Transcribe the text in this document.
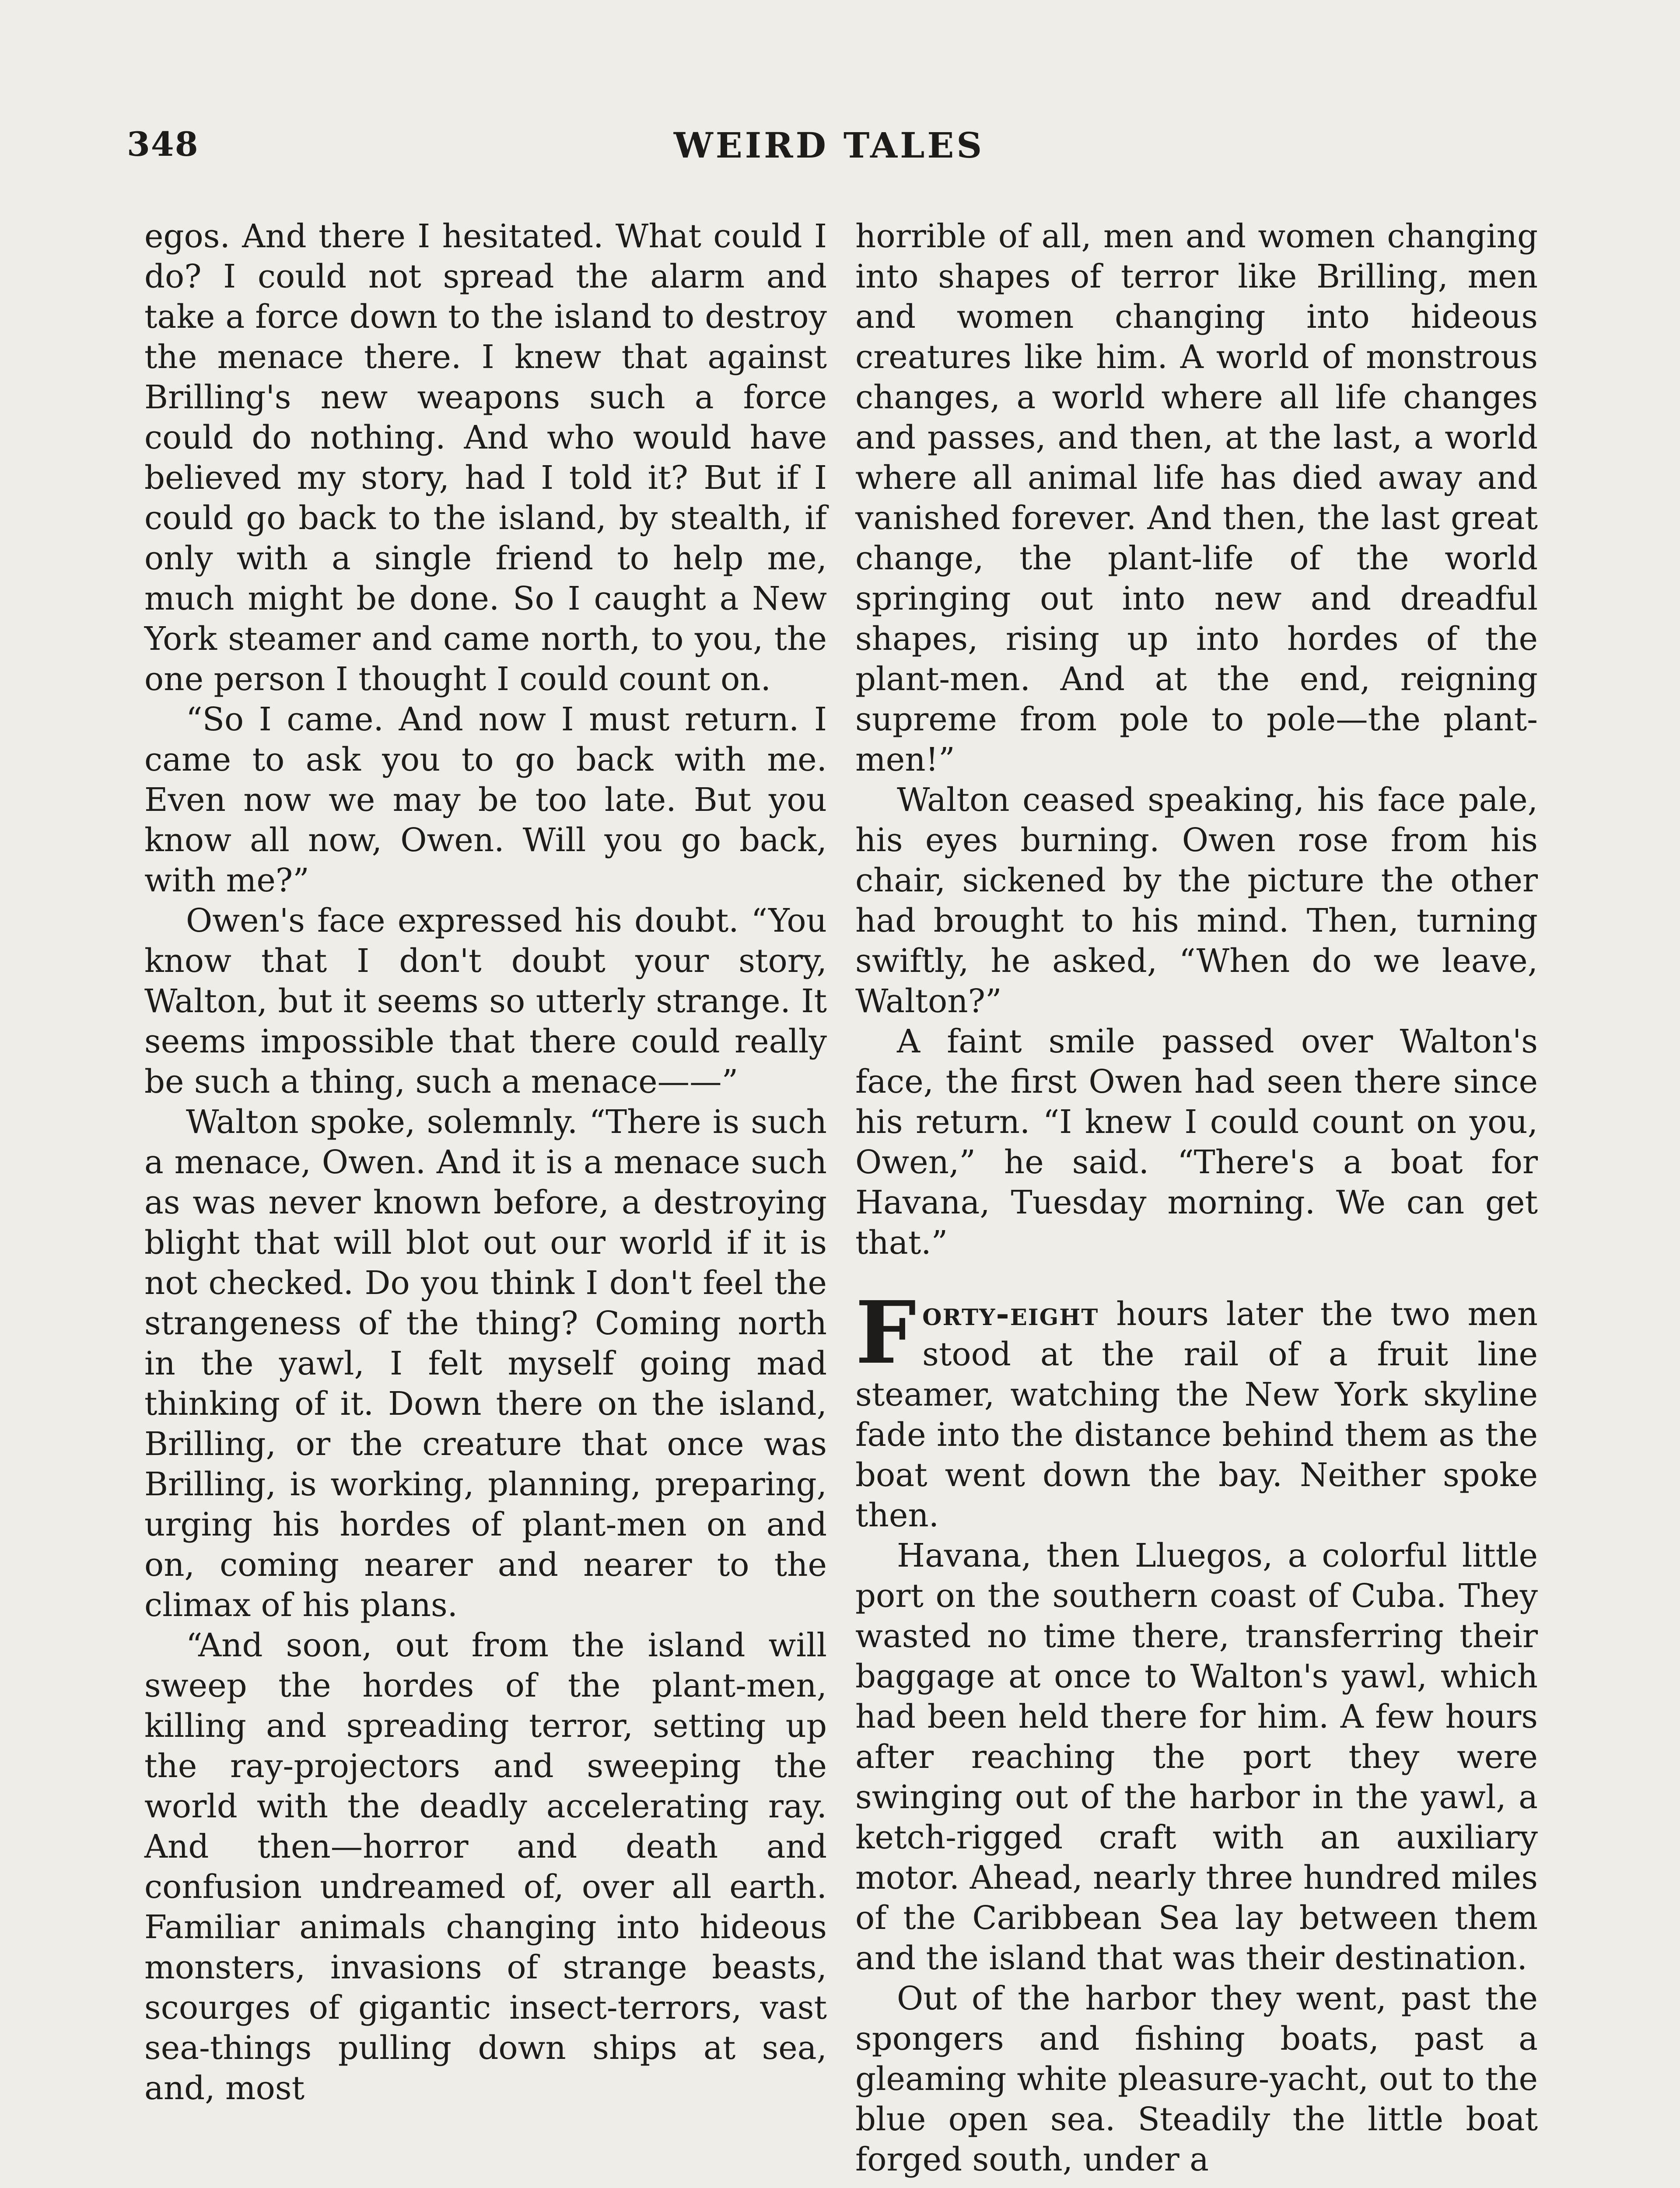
348	WEIRD TALES

egos. And there I hesitated. What could I do? I could not spread the alarm and take a force down to the island to destroy the menace there. I knew that against Brilling's new weapons such a force could do nothing. And who would have believed my story, had I told it? But if I could go back to the island, by stealth, if only with a single friend to help me, much might be done. So I caught a New York steamer and came north, to you, the one person I thought I could count on.

“So I came. And now I must return. I came to ask you to go back with me. Even now we may be too late. But you know all now, Owen. Will you go back, with me?”

Owen's face expressed his doubt. “You know that I don't doubt your story, Walton, but it seems so utterly strange. It seems impossible that there could really be such a thing, such a menace——”

Walton spoke, solemnly. “There is such a menace, Owen. And it is a menace such as was never known before, a destroying blight that will blot out our world if it is not checked. Do you think I don't feel the strangeness of the thing? Coming north in the yawl, I felt myself going mad thinking of it. Down there on the island, Brilling, or the creature that once was Brilling, is working, planning, preparing, urging his hordes of plant-men on and on, coming nearer and nearer to the climax of his plans.

“And soon, out from the island will sweep the hordes of the plant-men, killing and spreading terror, setting up the ray-projectors and sweeping the world with the deadly accelerating ray. And then—horror and death and confusion undreamed of, over all earth. Familiar animals changing into hideous monsters, invasions of strange beasts, scourges of gigantic insect-terrors, vast sea-things pulling down ships at sea, and, most

horrible of all, men and women changing into shapes of terror like Brilling, men and women changing into hideous creatures like him. A world of monstrous changes, a world where all life changes and passes, and then, at the last, a world where all animal life has died away and vanished forever. And then, the last great change, the plant-life of the world springing out into new and dreadful shapes, rising up into hordes of the plant-men. And at the end, reigning supreme from pole to pole—the plant-men!”

Walton ceased speaking, his face pale, his eyes burning. Owen rose from his chair, sickened by the picture the other had brought to his mind. Then, turning swiftly, he asked, “When do we leave, Walton?”

A faint smile passed over Walton's face, the first Owen had seen there since his return. “I knew I could count on you, Owen,” he said. “There's a boat for Havana, Tuesday morning. We can get that.”

Forty-eight hours later the two men stood at the rail of a fruit line steamer, watching the New York skyline fade into the distance behind them as the boat went down the bay. Neither spoke then.

Havana, then Lluegos, a colorful little port on the southern coast of Cuba. They wasted no time there, transferring their baggage at once to Walton's yawl, which had been held there for him. A few hours after reaching the port they were swinging out of the harbor in the yawl, a ketch-rigged craft with an auxiliary motor. Ahead, nearly three hundred miles of the Caribbean Sea lay between them and the island that was their destination.

Out of the harbor they went, past the spongers and fishing boats, past a gleaming white pleasure-yacht, out to the blue open sea. Steadily the little boat forged south, under a
